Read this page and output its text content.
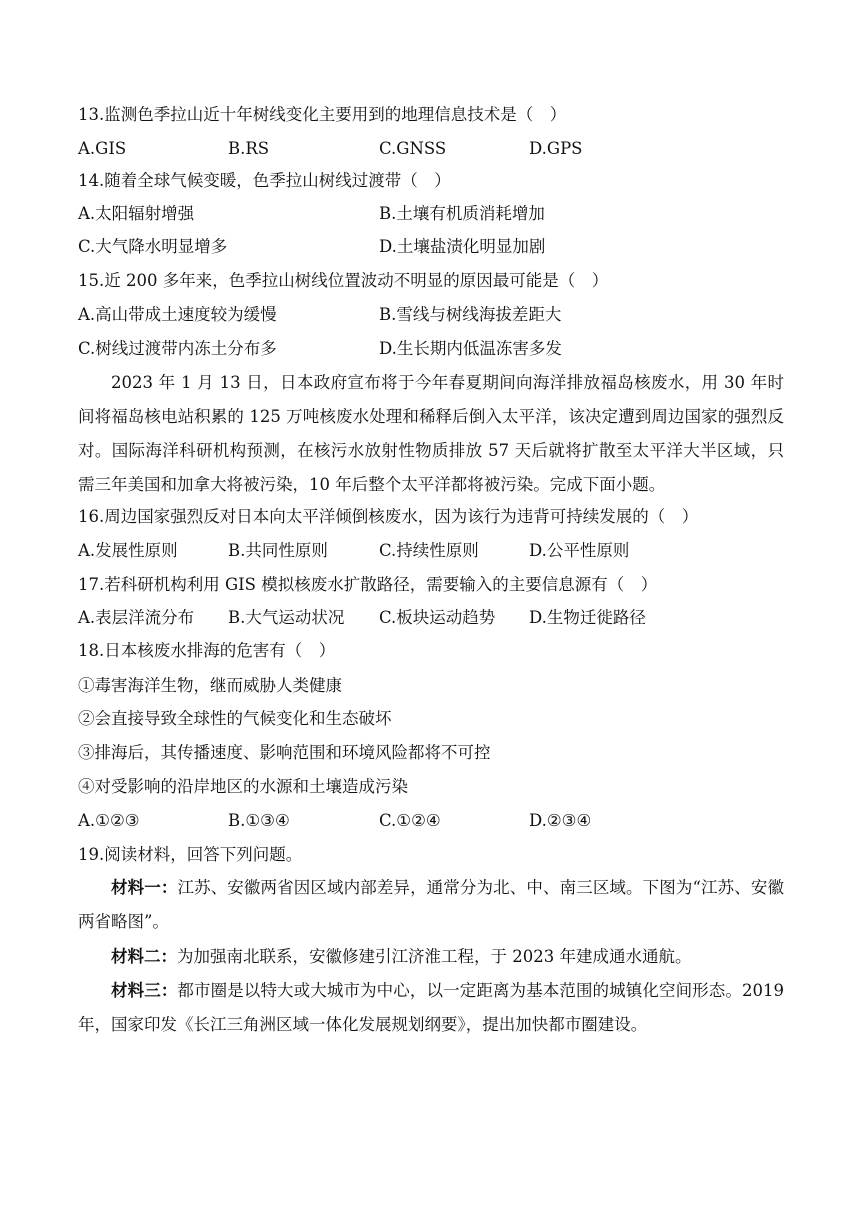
13.监测色季拉山近十年树线变化主要用到的地理信息技术是（　）
A.GIS	B.RS	C.GNSS	D.GPS
14.随着全球气候变暖，色季拉山树线过渡带（　）
A.太阳辐射增强	B.土壤有机质消耗增加
C.大气降水明显增多	D.土壤盐渍化明显加剧
15.近 200 多年来，色季拉山树线位置波动不明显的原因最可能是（　）
A.高山带成土速度较为缓慢	B.雪线与树线海拔差距大
C.树线过渡带内冻土分布多	D.生长期内低温冻害多发
2023 年 1 月 13 日，日本政府宣布将于今年春夏期间向海洋排放福岛核废水，用 30 年时间将福岛核电站积累的 125 万吨核废水处理和稀释后倒入太平洋，该决定遭到周边国家的强烈反对。国际海洋科研机构预测，在核污水放射性物质排放 57 天后就将扩散至太平洋大半区域，只需三年美国和加拿大将被污染，10 年后整个太平洋都将被污染。完成下面小题。
16.周边国家强烈反对日本向太平洋倾倒核废水，因为该行为违背可持续发展的（　）
A.发展性原则	B.共同性原则	C.持续性原则	D.公平性原则
17.若科研机构利用 GIS 模拟核废水扩散路径，需要输入的主要信息源有（　）
A.表层洋流分布 B.大气运动状况 C.板块运动趋势 D.生物迁徙路径
18.日本核废水排海的危害有（　）
①毒害海洋生物，继而威胁人类健康
②会直接导致全球性的气候变化和生态破坏
③排海后，其传播速度、影响范围和环境风险都将不可控
④对受影响的沿岸地区的水源和土壤造成污染
A.①②③	B.①③④	C.①②④	D.②③④
19.阅读材料，回答下列问题。
材料一：江苏、安徽两省因区域内部差异，通常分为北、中、南三区域。下图为“江苏、安徽两省略图”。
材料二：为加强南北联系，安徽修建引江济淮工程，于 2023 年建成通水通航。
材料三：都市圈是以特大或大城市为中心，以一定距离为基本范围的城镇化空间形态。2019 年，国家印发《长江三角洲区域一体化发展规划纲要》，提出加快都市圈建设。
